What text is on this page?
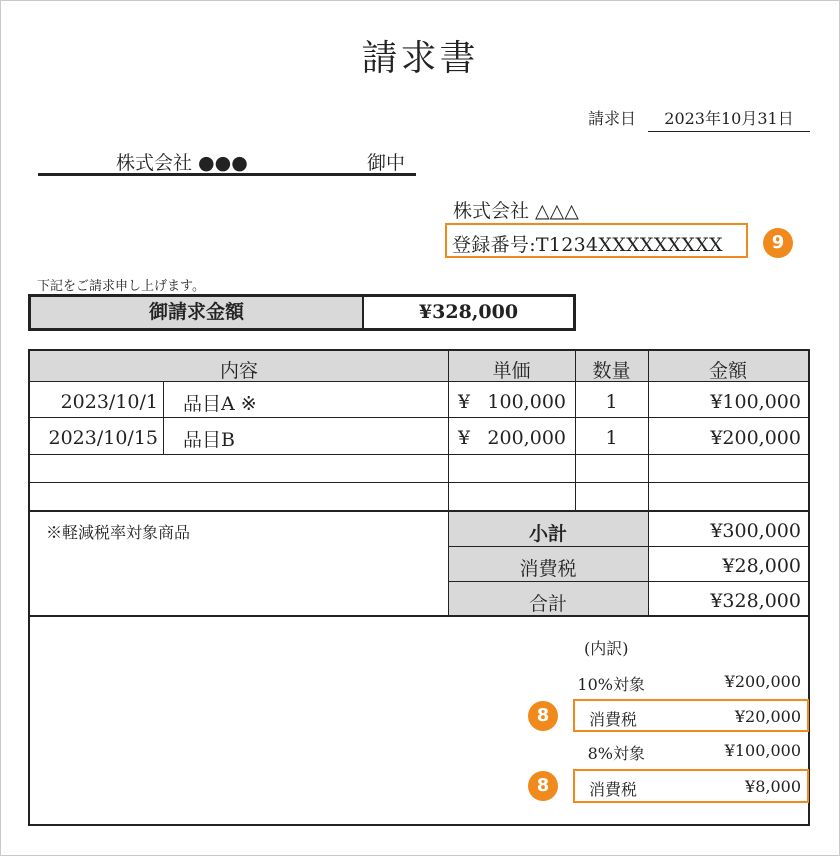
請求書
請求日	2023年10月31日
株式会社 ●●●	御中
株式会社 △△△
登録番号:T1234XXXXXXXXX	9
下記をご請求申し上げます。
御請求金額	¥328,000
内容	単価	数量	金額
2023/10/1 品目A ※	¥ 100,000	1	¥100,000
2023/10/15 品目B	¥ 200,000	1	¥200,000
※軽減税率対象商品	小計	¥300,000
消費税	¥28,000
合計	¥328,000
(内訳)
10%対象	¥200,000
8	消費税	¥20,000
8%対象	¥100,000
8	消費税	¥8,000
